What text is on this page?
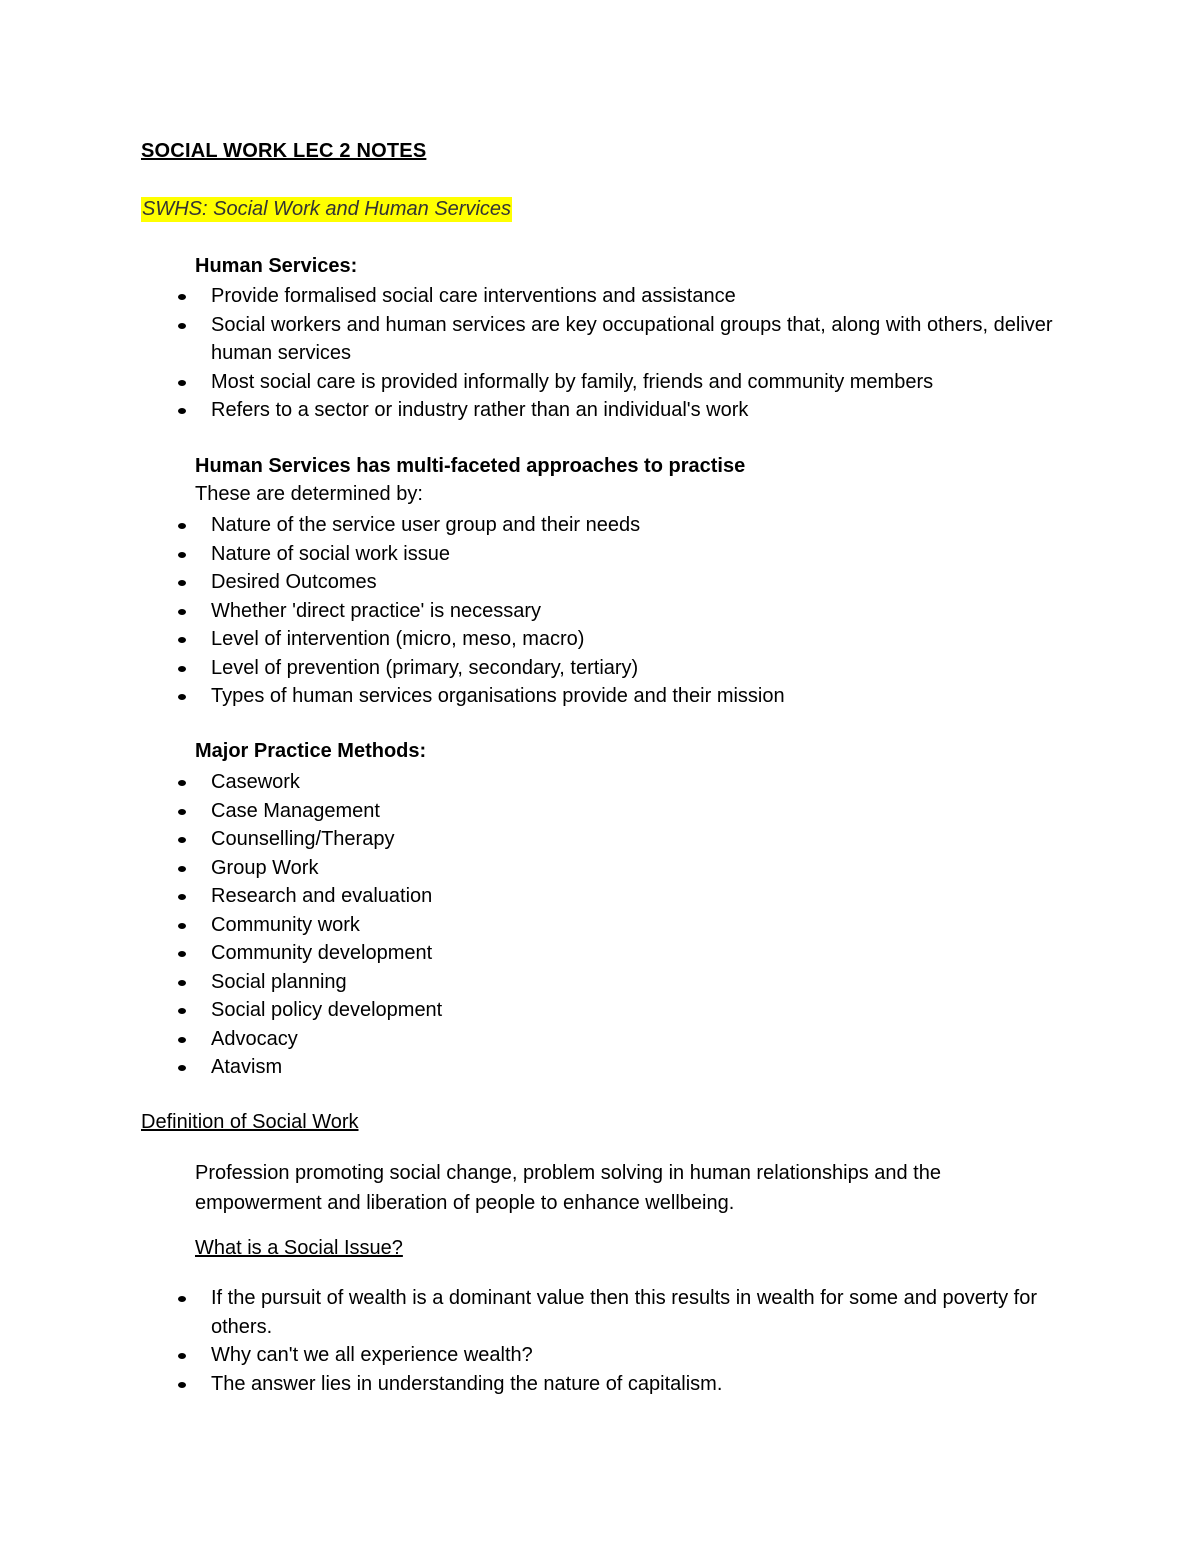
SOCIAL WORK LEC 2 NOTES
SWHS: Social Work and Human Services
Human Services:
Provide formalised social care interventions and assistance
Social workers and human services are key occupational groups that, along with others, deliver human services
Most social care is provided informally by family, friends and community members
Refers to a sector or industry rather than an individual's work
Human Services has multi-faceted approaches to practise
These are determined by:
Nature of the service user group and their needs
Nature of social work issue
Desired Outcomes
Whether 'direct practice' is necessary
Level of intervention (micro, meso, macro)
Level of prevention (primary, secondary, tertiary)
Types of human services organisations provide and their mission
Major Practice Methods:
Casework
Case Management
Counselling/Therapy
Group Work
Research and evaluation
Community work
Community development
Social planning
Social policy development
Advocacy
Atavism
Definition of Social Work
Profession promoting social change, problem solving in human relationships and the empowerment and liberation of people to enhance wellbeing.
What is a Social Issue?
If the pursuit of wealth is a dominant value then this results in wealth for some and poverty for others.
Why can't we all experience wealth?
The answer lies in understanding the nature of capitalism.
